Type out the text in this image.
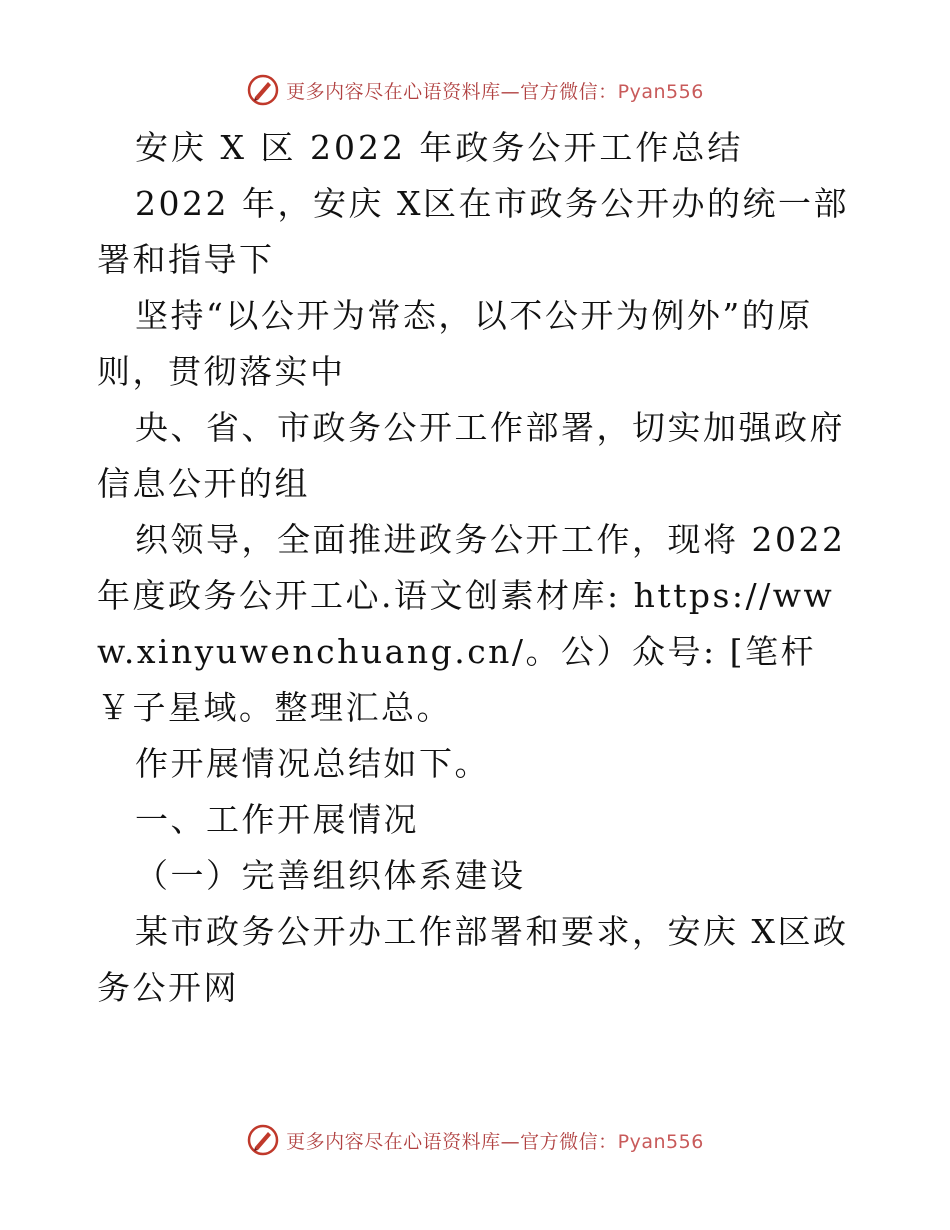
更多内容尽在心语资料库—官方微信：Pyan556

安庆 X 区 2022 年政务公开工作总结

2022 年，安庆 X区在市政务公开办的统一部署和指导下

坚持“以公开为常态，以不公开为例外”的原则，贯彻落实中

央、省、市政务公开工作部署，切实加强政府信息公开的组

织领导，全面推进政务公开工作，现将 2022 年度政务公开工心.语文创素材库: https://www.xinyuwenchuang.cn/。公）众号: [笔杆￥子星域。整理汇总。

作开展情况总结如下。

一、工作开展情况

（一）完善组织体系建设

某市政务公开办工作部署和要求，安庆 X区政务公开网

更多内容尽在心语资料库—官方微信：Pyan556
